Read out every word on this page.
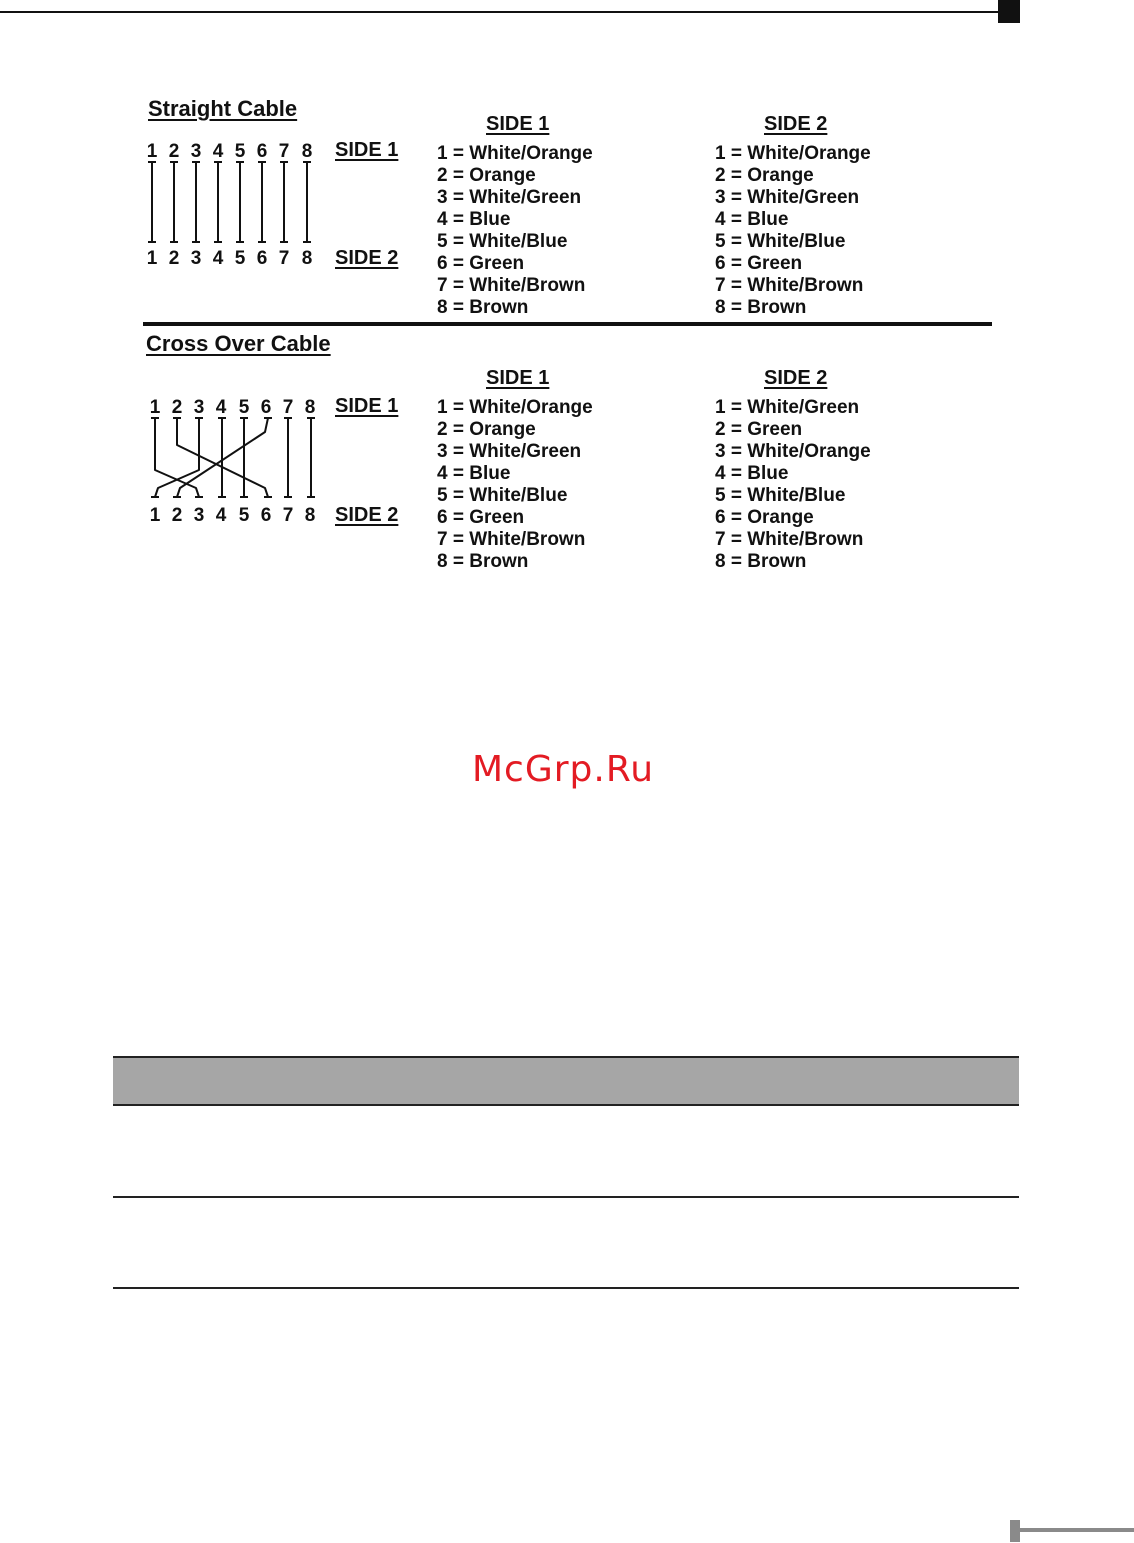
Straight Cable
1 2 3 4 5 6 7 8
1 2 3 4 5 6 7 8
SIDE 1
SIDE 2
SIDE 1	SIDE 2
1 = White/Orange
2 = Orange
3 = White/Green
4 = Blue
5 = White/Blue
6 = Green
7 = White/Brown
8 = Brown
1 = White/Orange
2 = Orange
3 = White/Green
4 = Blue
5 = White/Blue
6 = Green
7 = White/Brown
8 = Brown
Cross Over Cable
1 2 3 4 5 6 7 8
1 2 3 4 5 6 7 8
SIDE 1
SIDE 2
SIDE 1	SIDE 2
1 = White/Orange
2 = Orange
3 = White/Green
4 = Blue
5 = White/Blue
6 = Green
7 = White/Brown
8 = Brown
1 = White/Green
2 = Green
3 = White/Orange
4 = Blue
5 = White/Blue
6 = Orange
7 = White/Brown
8 = Brown
McGrp.Ru
